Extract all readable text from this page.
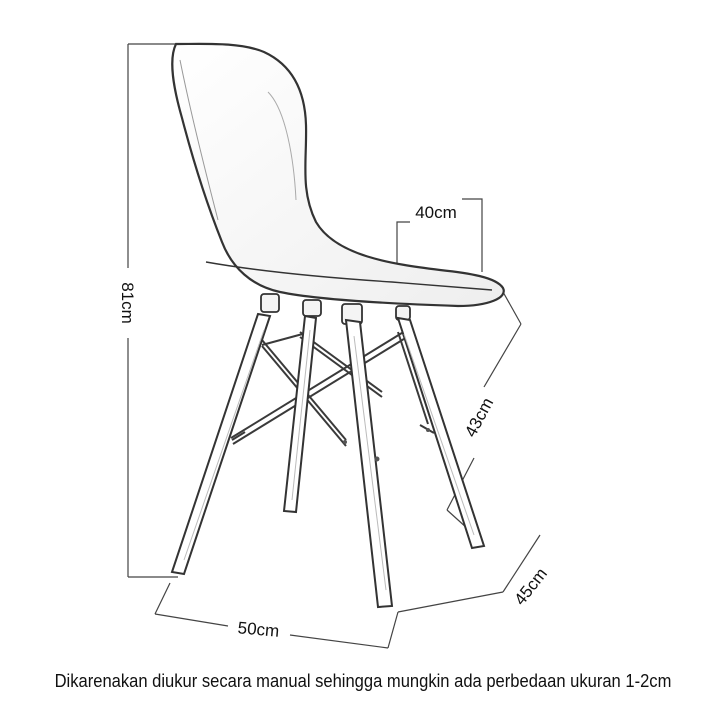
81cm
40cm
43cm
45cm
50cm
Dikarenakan diukur secara manual sehingga mungkin ada perbedaan ukuran 1-2cm
